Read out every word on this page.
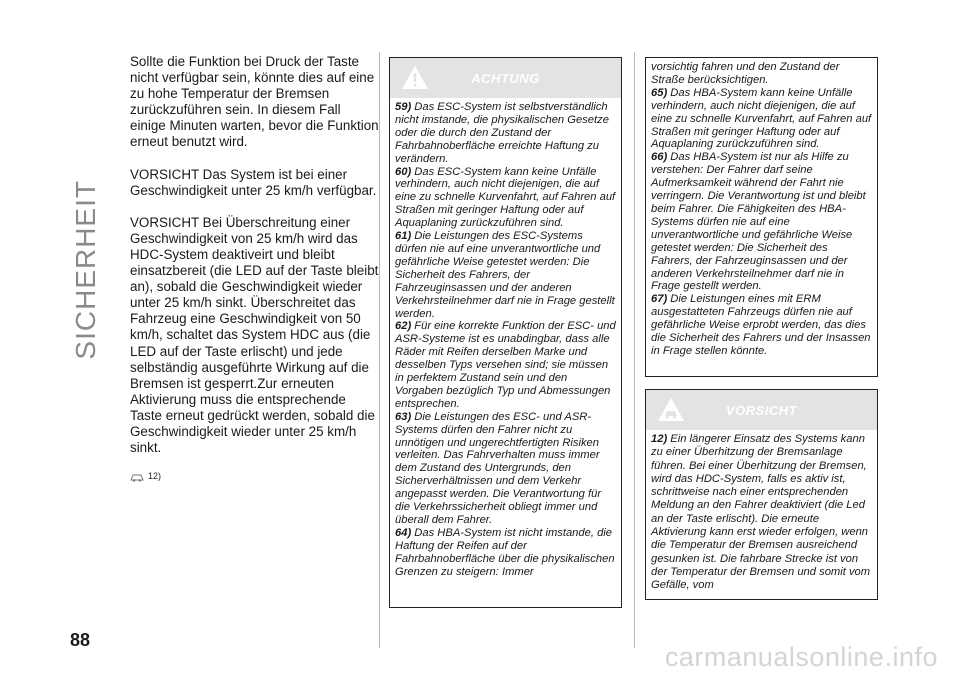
SICHERHEIT
88

Sollte die Funktion bei Druck der Taste nicht verfügbar sein, könnte dies auf eine zu hohe Temperatur der Bremsen zurückzuführen sein. In diesem Fall einige Minuten warten, bevor die Funktion erneut benutzt wird.

VORSICHT Das System ist bei einer Geschwindigkeit unter 25 km/h verfügbar.

VORSICHT Bei Überschreitung einer Geschwindigkeit von 25 km/h wird das HDC-System deaktiveirt und bleibt einsatzbereit (die LED auf der Taste bleibt an), sobald die Geschwindigkeit wieder unter 25 km/h sinkt. Überschreitet das Fahrzeug eine Geschwindigkeit von 50 km/h, schaltet das System HDC aus (die LED auf der Taste erlischt) und jede selbständig ausgeführte Wirkung auf die Bremsen ist gesperrt.Zur erneuten Aktivierung muss die entsprechende Taste erneut gedrückt werden, sobald die Geschwindigkeit wieder unter 25 km/h sinkt.

12)
ACHTUNG

59) Das ESC-System ist selbstverständlich nicht imstande, die physikalischen Gesetze oder die durch den Zustand der Fahrbahnoberfläche erreichte Haftung zu verändern.

60) Das ESC-System kann keine Unfälle verhindern, auch nicht diejenigen, die auf eine zu schnelle Kurvenfahrt, auf Fahren auf Straßen mit geringer Haftung oder auf Aquaplaning zurückzuführen sind.

61) Die Leistungen des ESC-Systems dürfen nie auf eine unverantwortliche und gefährliche Weise getestet werden: Die Sicherheit des Fahrers, der Fahrzeuginsassen und der anderen Verkehrsteilnehmer darf nie in Frage gestellt werden.

62) Für eine korrekte Funktion der ESC- und ASR-Systeme ist es unabdingbar, dass alle Räder mit Reifen derselben Marke und desselben Typs versehen sind; sie müssen in perfektem Zustand sein und den Vorgaben bezüglich Typ und Abmessungen entsprechen.

63) Die Leistungen des ESC- und ASR-Systems dürfen den Fahrer nicht zu unnötigen und ungerechtfertigten Risiken verleiten. Das Fahrverhalten muss immer dem Zustand des Untergrunds, den Sicherverhältnissen und dem Verkehr angepasst werden. Die Verantwortung für die Verkehrssicherheit obliegt immer und überall dem Fahrer.

64) Das HBA-System ist nicht imstande, die Haftung der Reifen auf der Fahrbahnoberfläche über die physikalischen Grenzen zu steigern: Immer

vorsichtig fahren und den Zustand der Straße berücksichtigen.

65) Das HBA-System kann keine Unfälle verhindern, auch nicht diejenigen, die auf eine zu schnelle Kurvenfahrt, auf Fahren auf Straßen mit geringer Haftung oder auf Aquaplaning zurückzuführen sind.

66) Das HBA-System ist nur als Hilfe zu verstehen: Der Fahrer darf seine Aufmerksamkeit während der Fahrt nie verringern. Die Verantwortung ist und bleibt beim Fahrer. Die Fähigkeiten des HBA-Systems dürfen nie auf eine unverantwortliche und gefährliche Weise getestet werden: Die Sicherheit des Fahrers, der Fahrzeuginsassen und der anderen Verkehrsteilnehmer darf nie in Frage gestellt werden.

67) Die Leistungen eines mit ERM ausgestatteten Fahrzeugs dürfen nie auf gefährliche Weise erprobt werden, das dies die Sicherheit des Fahrers und der Insassen in Frage stellen könnte.

VORSICHT

12) Ein längerer Einsatz des Systems kann zu einer Überhitzung der Bremsanlage führen. Bei einer Überhitzung der Bremsen, wird das HDC-System, falls es aktiv ist, schrittweise nach einer entsprechenden Meldung an den Fahrer deaktiviert (die Led an der Taste erlischt). Die erneute Aktivierung kann erst wieder erfolgen, wenn die Temperatur der Bremsen ausreichend gesunken ist. Die fahrbare Strecke ist von der Temperatur der Bremsen und somit vom Gefälle, vom

carmanualsonline.info
